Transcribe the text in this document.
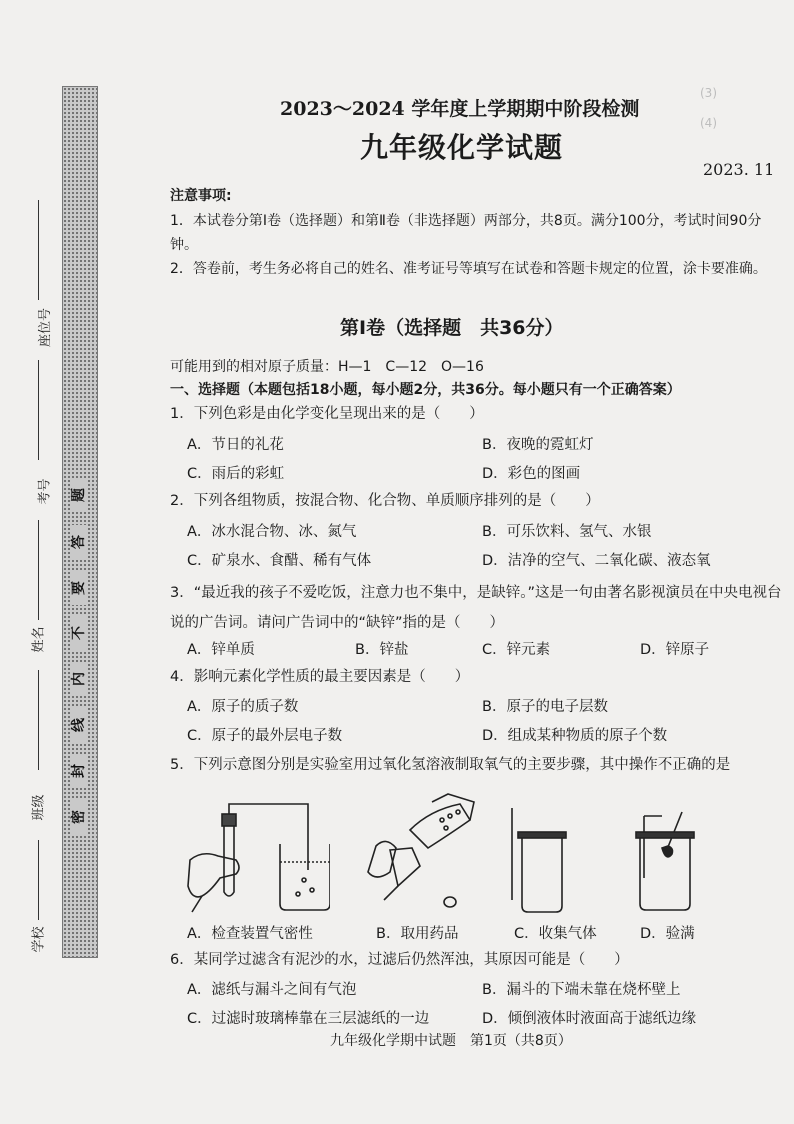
(3)
(4)
题
答
要
不
内
线
封
密
座位号
考号
姓名
班级
学校
2023～2024 学年度上学期期中阶段检测
九年级化学试题
2023. 11
注意事项:
1．本试卷分第Ⅰ卷（选择题）和第Ⅱ卷（非选择题）两部分，共8页。满分100分，考试时间90分钟。
2．答卷前，考生务必将自己的姓名、准考证号等填写在试卷和答题卡规定的位置，涂卡要准确。
第Ⅰ卷（选择题　共36分）
可能用到的相对原子质量：H—1　C—12　O—16
一、选择题（本题包括18小题，每小题2分，共36分。每小题只有一个正确答案）
1．下列色彩是由化学变化呈现出来的是（　　）
A．节日的礼花	B．夜晚的霓虹灯
C．雨后的彩虹	D．彩色的图画
2．下列各组物质，按混合物、化合物、单质顺序排列的是（　　）
A．冰水混合物、冰、氮气	B．可乐饮料、氢气、水银
C．矿泉水、食醋、稀有气体	D．洁净的空气、二氧化碳、液态氧
3．“最近我的孩子不爱吃饭，注意力也不集中，是缺锌。”这是一句由著名影视演员在中央电视台说的广告词。请问广告词中的“缺锌”指的是（　　）
A．锌单质	B．锌盐	C．锌元素	D．锌原子
4．影响元素化学性质的最主要因素是（　　）
A．原子的质子数	B．原子的电子层数
C．原子的最外层电子数	D．组成某种物质的原子个数
5．下列示意图分别是实验室用过氧化氢溶液制取氧气的主要步骤，其中操作不正确的是
A．检查装置气密性	B．取用药品	C．收集气体	D．验满
6．某同学过滤含有泥沙的水，过滤后仍然浑浊，其原因可能是（　　）
A．滤纸与漏斗之间有气泡	B．漏斗的下端未靠在烧杯壁上
C．过滤时玻璃棒靠在三层滤纸的一边	D．倾倒液体时液面高于滤纸边缘
九年级化学期中试题　第1页（共8页）
